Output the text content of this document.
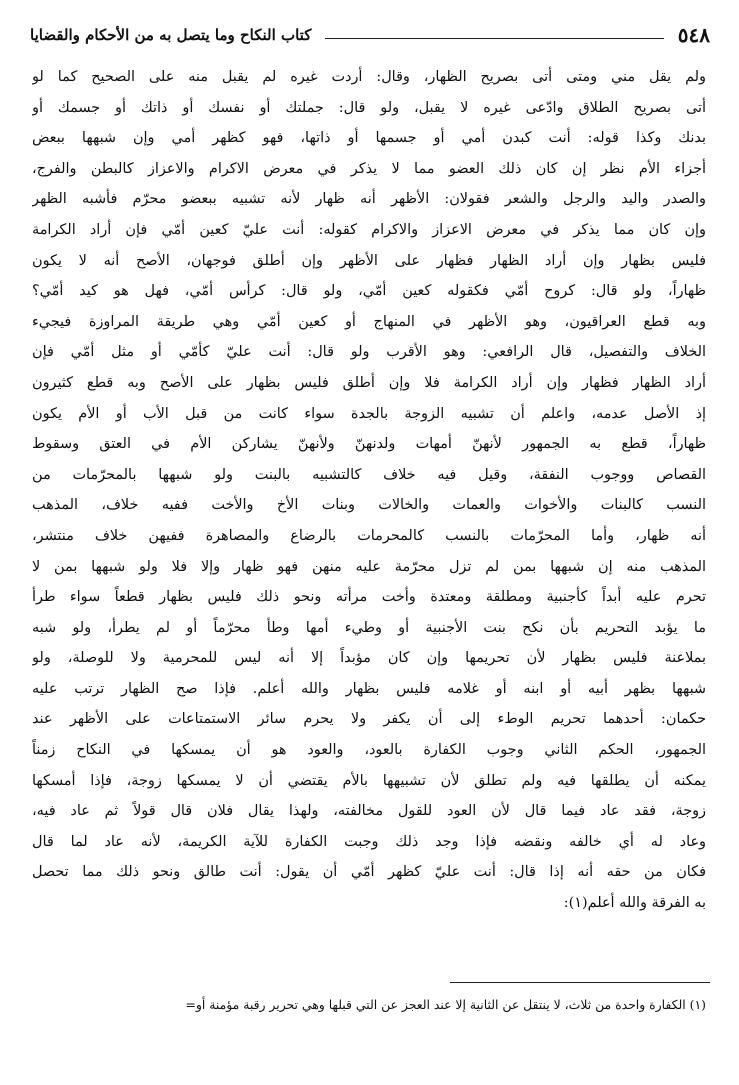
٥٤٨
كتاب النكاح وما يتصل به من الأحكام والقضايا
ولم يقل مني ومتى أتى بصريح الظهار، وقال: أردت غيره لم يقبل منه على الصحيح كما لو
أتى بصريح الطلاق وادّعى غيره لا يقبل، ولو قال: جملتك أو نفسك أو ذاتك أو جسمك أو
بدنك وكذا قوله: أنت كبدن أمي أو جسمها أو ذاتها، فهو كظهر أمي وإن شبهها ببعض
أجزاء الأم نظر إن كان ذلك العضو مما لا يذكر في معرض الاكرام والاعزاز كالبطن والفرج،
والصدر واليد والرجل والشعر فقولان: الأظهر أنه ظهار لأنه تشبيه ببعضو محرّم فأشبه الظهر
وإن كان مما يذكر في معرض الاعزاز والاكرام كقوله: أنت عليّ كعين أمّي فإن أراد الكرامة
فليس بظهار وإن أراد الظهار فظهار على الأظهر وإن أطلق فوجهان، الأصح أنه لا يكون
ظهاراً، ولو قال: كروح أمّي فكقوله كعين أمّي، ولو قال: كرأس أمّي، فهل هو كيد أمّي؟
وبه قطع العراقيون، وهو الأظهر في المنهاج أو كعين أمّي وهي طريقة المراوزة فيجيء
الخلاف والتفصيل، قال الرافعي: وهو الأقرب ولو قال: أنت عليّ كأمّي أو مثل أمّي فإن
أراد الظهار فظهار وإن أراد الكرامة فلا وإن أطلق فليس بظهار على الأصح وبه قطع كثيرون
إذ الأصل عدمه، واعلم أن تشبيه الزوجة بالجدة سواء كانت من قبل الأب أو الأم يكون
ظهاراً، قطع به الجمهور لأنهنّ أمهات ولدنهنّ ولأنهنّ يشاركن الأم في العتق وسقوط
القصاص ووجوب النفقة، وقيل فيه خلاف كالتشبيه بالبنت ولو شبهها بالمحرّمات من
النسب كالبنات والأخوات والعمات والخالات وبنات الأخ والأخت ففيه خلاف، المذهب
أنه ظهار، وأما المحرّمات بالنسب كالمحرمات بالرضاع والمصاهرة ففيهن خلاف منتشر،
المذهب منه إن شبهها بمن لم تزل محرّمة عليه منهن فهو ظهار وإلا فلا ولو شبهها بمن لا
تحرم عليه أبداً كأجنبية ومطلقة ومعتدة وأخت مرأته ونحو ذلك فليس بظهار قطعاً سواء طرأ
ما يؤبد التحريم بأن نكح بنت الأجنبية أو وطيء أمها وطأ محرّماً أو لم يطرأ، ولو شبه
بملاعنة فليس بظهار لأن تحريمها وإن كان مؤبداً إلا أنه ليس للمحرمية ولا للوصلة، ولو
شبهها بظهر أبيه أو ابنه أو غلامه فليس بظهار والله أعلم. فإذا صح الظهار ترتب عليه
حكمان: أحدهما تحريم الوطء إلى أن يكفر ولا يحرم سائر الاستمتاعات على الأظهر عند
الجمهور، الحكم الثاني وجوب الكفارة بالعود، والعود هو أن يمسكها في النكاح زمناً
يمكنه أن يطلقها فيه ولم تطلق لأن تشبيهها بالأم يقتضي أن لا يمسكها زوجة، فإذا أمسكها
زوجة، فقد عاد فيما قال لأن العود للقول مخالفته، ولهذا يقال فلان قال قولاً ثم عاد فيه،
وعاد له أي خالفه ونقضه فإذا وجد ذلك وجبت الكفارة للآية الكريمة، لأنه عاد لما قال
فكان من حقه أنه إذا قال: أنت عليّ كظهر أمّي أن يقول: أنت طالق ونحو ذلك مما تحصل
به الفرقة والله أعلم(١):
(١) الكفارة واحدة من ثلاث، لا ينتقل عن الثانية إلا عند العجز عن التي قبلها وهي تحرير رقبة مؤمنة أو=
